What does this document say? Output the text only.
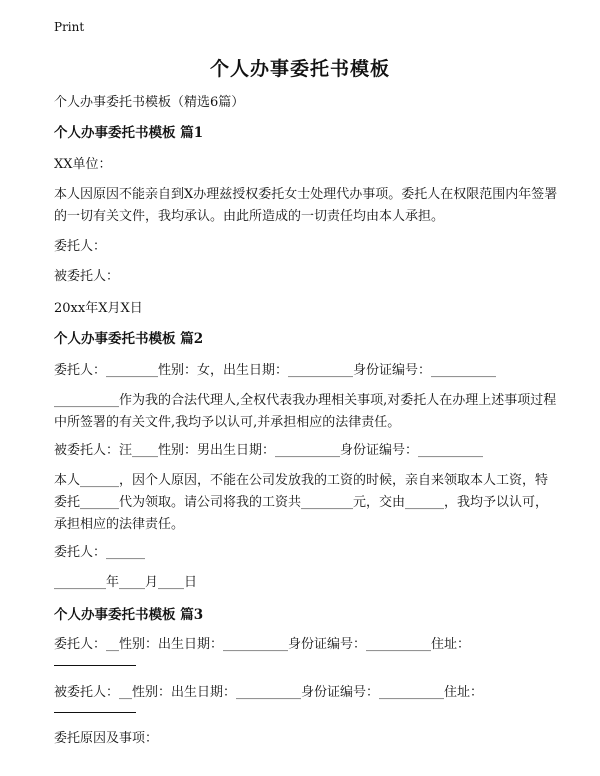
Print
个人办事委托书模板
个人办事委托书模板（精选6篇）
个人办事委托书模板 篇1
XX单位：
本人因原因不能亲自到X办理兹授权委托女士处理代办事项。委托人在权限范围内年签署的一切有关文件，我均承认。由此所造成的一切责任均由本人承担。
委托人：
被委托人：
20xx年X月X日
个人办事委托书模板 篇2
委托人：________性别：女，出生日期：__________身份证编号：__________
__________作为我的合法代理人,全权代表我办理相关事项,对委托人在办理上述事项过程中所签署的有关文件,我均予以认可,并承担相应的法律责任。
被委托人：汪____性别：男出生日期：__________身份证编号：__________
本人______，因个人原因，不能在公司发放我的工资的时候，亲自来领取本人工资，特委托______代为领取。请公司将我的工资共________元，交由______，我均予以认可，承担相应的法律责任。
委托人：______
________年____月____日
个人办事委托书模板 篇3
委托人：__性别：出生日期：__________身份证编号：__________住址：
被委托人：__性别：出生日期：__________身份证编号：__________住址：
委托原因及事项：
